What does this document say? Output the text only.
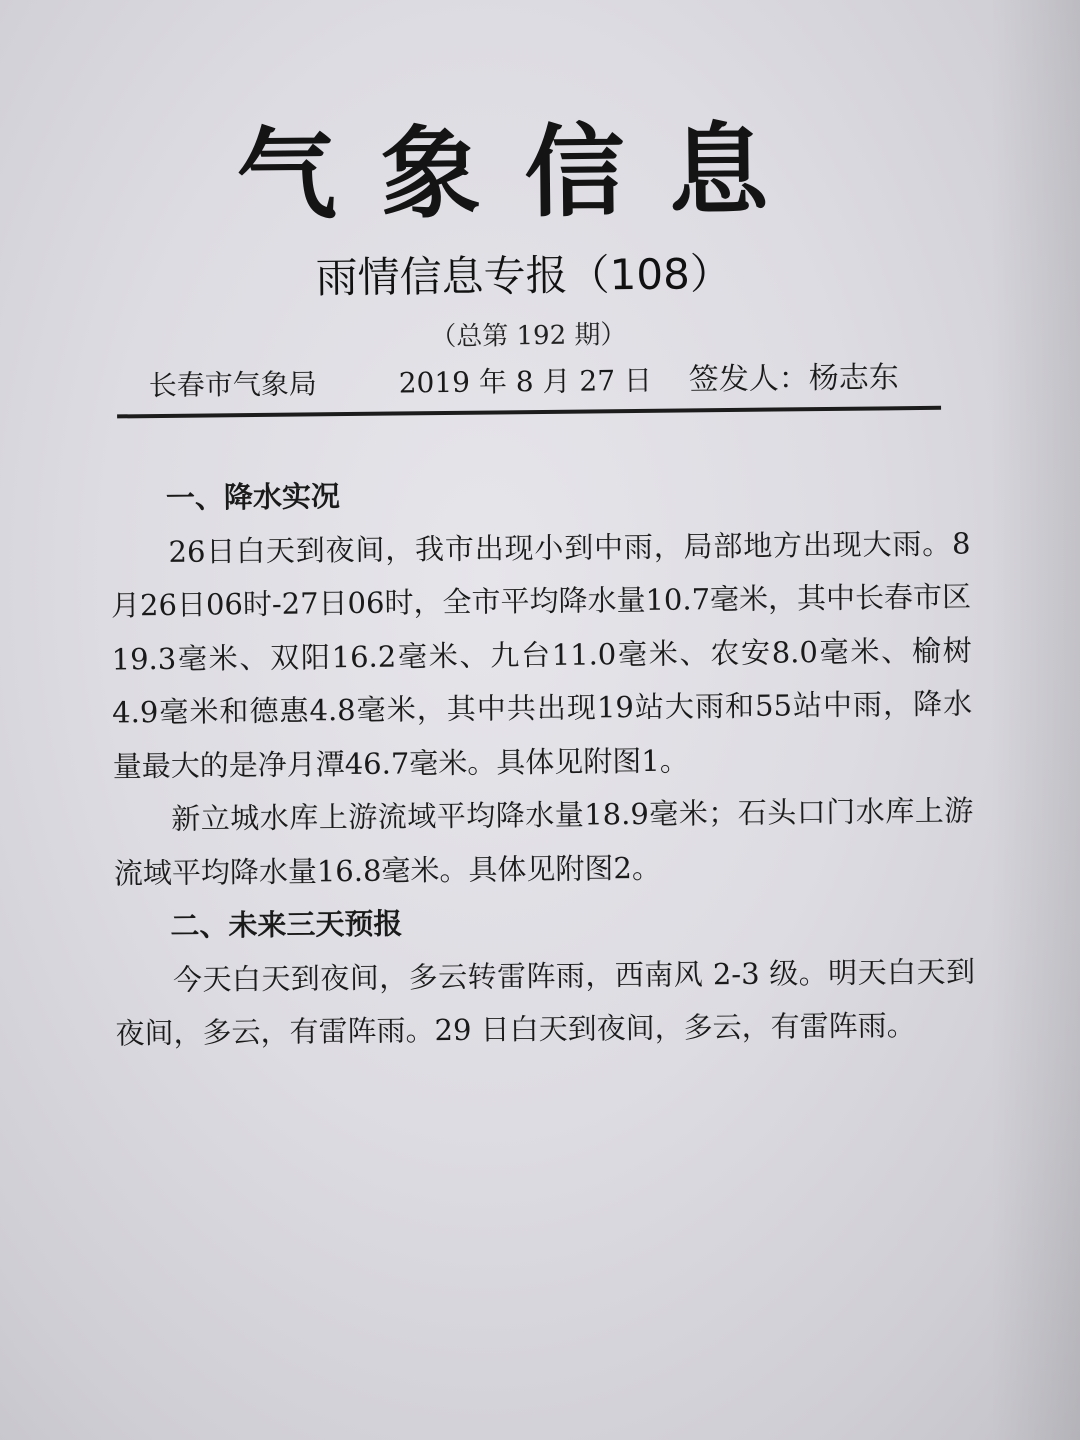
气象信息
雨情信息专报（108）
（总第 192 期）
长春市气象局	2019 年 8 月 27 日 签发人：杨志东
一、降水实况

26日白天到夜间，我市出现小到中雨，局部地方出现大雨。8月26日06时-27日06时，全市平均降水量10.7毫米，其中长春市区19.3毫米、双阳16.2毫米、九台11.0毫米、农安8.0毫米、榆树4.9毫米和德惠4.8毫米，其中共出现19站大雨和55站中雨，降水量最大的是净月潭46.7毫米。具体见附图1。

新立城水库上游流域平均降水量18.9毫米；石头口门水库上游流域平均降水量16.8毫米。具体见附图2。

二、未来三天预报

今天白天到夜间，多云转雷阵雨，西南风 2-3 级。明天白天到夜间，多云，有雷阵雨。29 日白天到夜间，多云，有雷阵雨。
